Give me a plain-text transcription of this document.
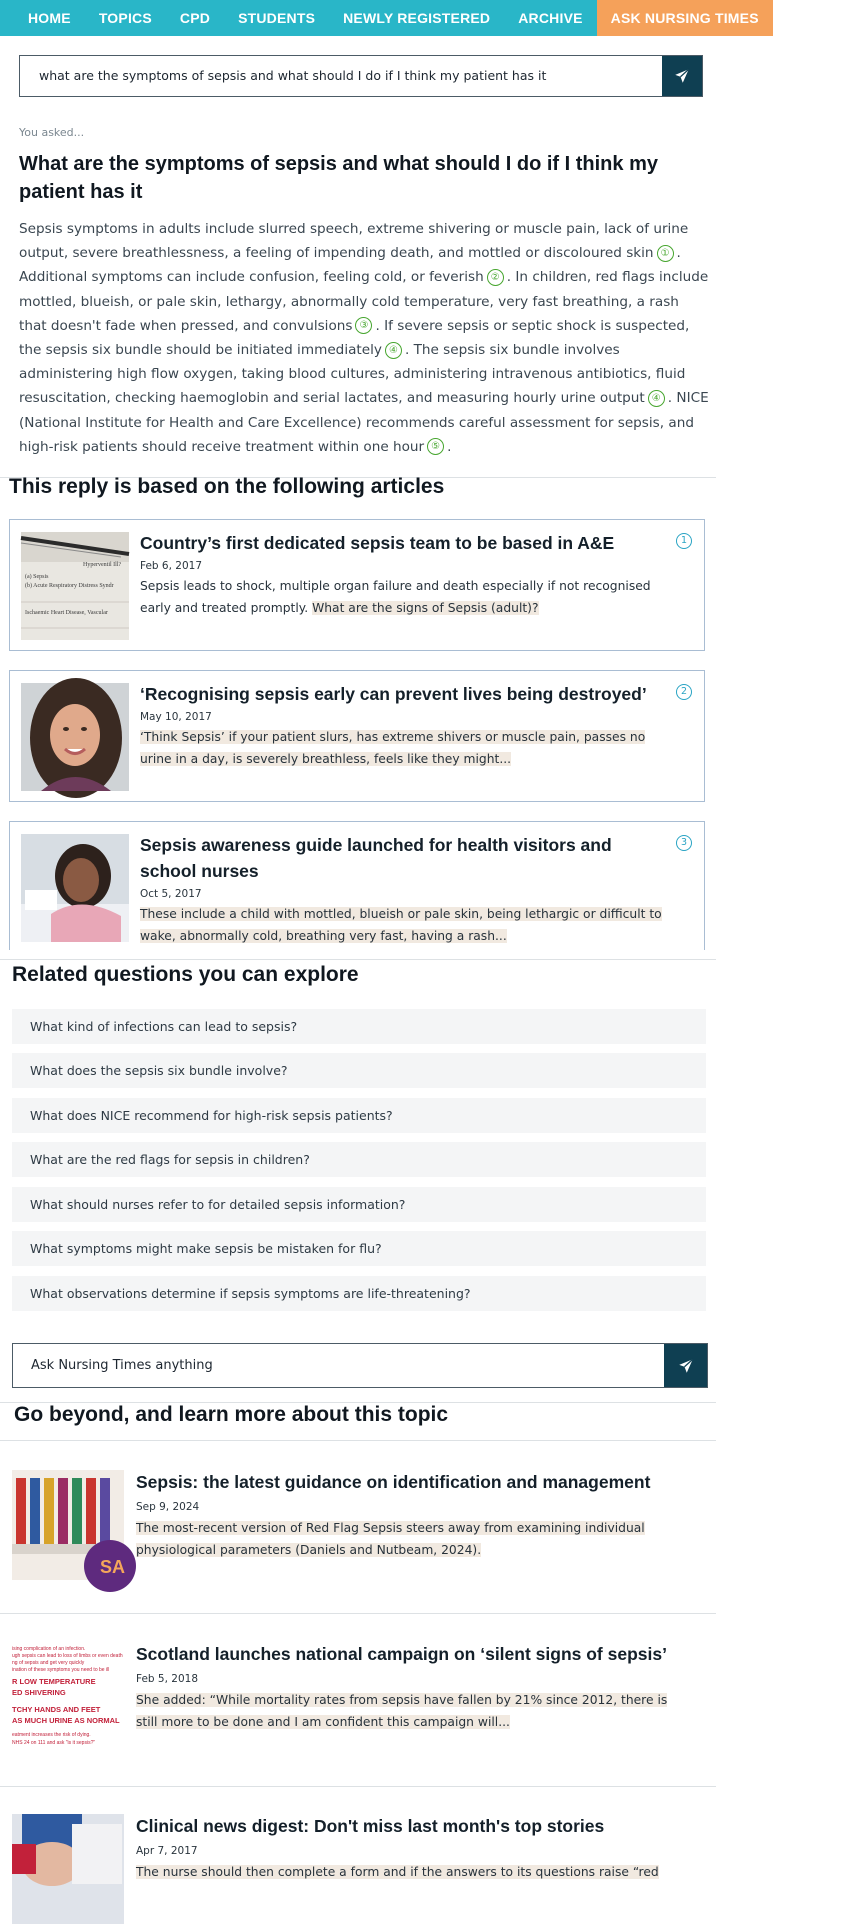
HOME	TOPICS	CPD	STUDENTS	NEWLY REGISTERED	ARCHIVE	ASK NURSING TIMES	EVENTS
what are the symptoms of sepsis and what should I do if I think my patient has it
You asked...
What are the symptoms of sepsis and what should I do if I think my patient has it
Sepsis symptoms in adults include slurred speech, extreme shivering or muscle pain, lack of urine output, severe breathlessness, a feeling of impending death, and mottled or discoloured skin ① . Additional symptoms can include confusion, feeling cold, or feverish ② . In children, red flags include mottled, blueish, or pale skin, lethargy, abnormally cold temperature, very fast breathing, a rash that doesn't fade when pressed, and convulsions ③ . If severe sepsis or septic shock is suspected, the sepsis six bundle should be initiated immediately ④ . The sepsis six bundle involves administering high flow oxygen, taking blood cultures, administering intravenous antibiotics, fluid resuscitation, checking haemoglobin and serial lactates, and measuring hourly urine output ④ . NICE (National Institute for Health and Care Excellence) recommends careful assessment for sepsis, and high-risk patients should receive treatment within one hour ⑤ .
This reply is based on the following articles
Hyperventil Ill?
(a) Sepsis
(b) Acute Respiratory Distress Syndr
Ischaemic Heart Disease, Vascular
Country’s first dedicated sepsis team to be based in A&E
Feb 6, 2017
Sepsis leads to shock, multiple organ failure and death especially if not recognised early and treated promptly. What are the signs of Sepsis (adult)?
1
‘Recognising sepsis early can prevent lives being destroyed’
May 10, 2017
‘Think Sepsis’ if your patient slurs, has extreme shivers or muscle pain, passes no urine in a day, is severely breathless, feels like they might...
2
Sepsis awareness guide launched for health visitors and school nurses
Oct 5, 2017
These include a child with mottled, blueish or pale skin, being lethargic or difficult to wake, abnormally cold, breathing very fast, having a rash...
3
Related questions you can explore
What kind of infections can lead to sepsis?
What does the sepsis six bundle involve?
What does NICE recommend for high-risk sepsis patients?
What are the red flags for sepsis in children?
What should nurses refer to for detailed sepsis information?
What symptoms might make sepsis be mistaken for flu?
What observations determine if sepsis symptoms are life-threatening?
Ask Nursing Times anything
Go beyond, and learn more about this topic
SA
Sepsis: the latest guidance on identification and management
Sep 9, 2024
The most-recent version of Red Flag Sepsis steers away from examining individual physiological parameters (Daniels and Nutbeam, 2024).
ising complication of an infection.
ugh sepsis can lead to loss of limbs or even death
ng of sepsis and get very quickly
ination of these symptoms you need to be ill
R LOW TEMPERATURE
ED SHIVERING
TCHY HANDS AND FEET
AS MUCH URINE AS NORMAL
eatment increases the risk of dying.
NHS 24 on 111 and ask "is it sepsis?"
Scotland launches national campaign on ‘silent signs of sepsis’
Feb 5, 2018
She added: “While mortality rates from sepsis have fallen by 21% since 2012, there is still more to be done and I am confident this campaign will...
Clinical news digest: Don't miss last month's top stories
Apr 7, 2017
The nurse should then complete a form and if the answers to its questions raise “red
